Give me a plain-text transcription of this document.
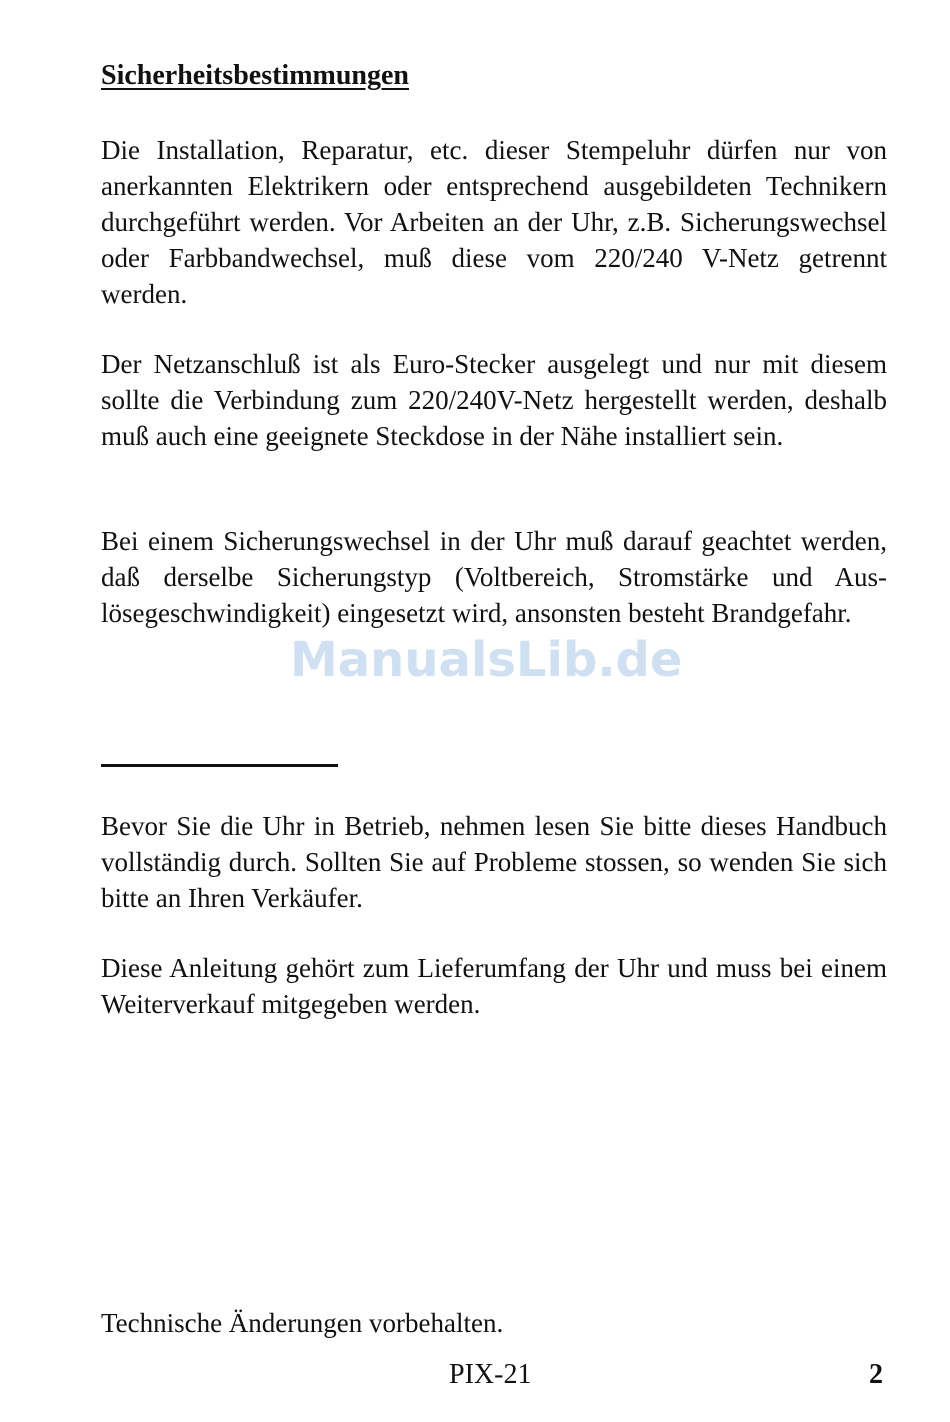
Sicherheitsbestimmungen

Die Installation, Reparatur, etc. dieser Stempeluhr dürfen nur von anerkannten Elektrikern oder entsprechend ausgebildeten Technikern durchgeführt werden. Vor Arbeiten an der Uhr, z.B. Sicherungswechsel oder Farbbandwechsel, muß diese vom 220/240 V-Netz getrennt werden.

Der Netzanschluß ist als Euro-Stecker ausgelegt und nur mit diesem sollte die Verbindung zum 220/240V-Netz hergestellt werden, deshalb muß auch eine geeignete Steckdose in der Nähe installiert sein.

Bei einem Sicherungswechsel in der Uhr muß darauf geachtet werden, daß derselbe Sicherungstyp (Voltbereich, Stromstärke und Auslösegeschwindigkeit) eingesetzt wird, ansonsten besteht Brandgefahr.

ManualsLib.de

Bevor Sie die Uhr in Betrieb, nehmen lesen Sie bitte dieses Handbuch vollständig durch. Sollten Sie auf Probleme stossen, so wenden Sie sich bitte an Ihren Verkäufer.

Diese Anleitung gehört zum Lieferumfang der Uhr und muss bei einem Weiterverkauf mitgegeben werden.

Technische Änderungen vorbehalten.

PIX-21	2
